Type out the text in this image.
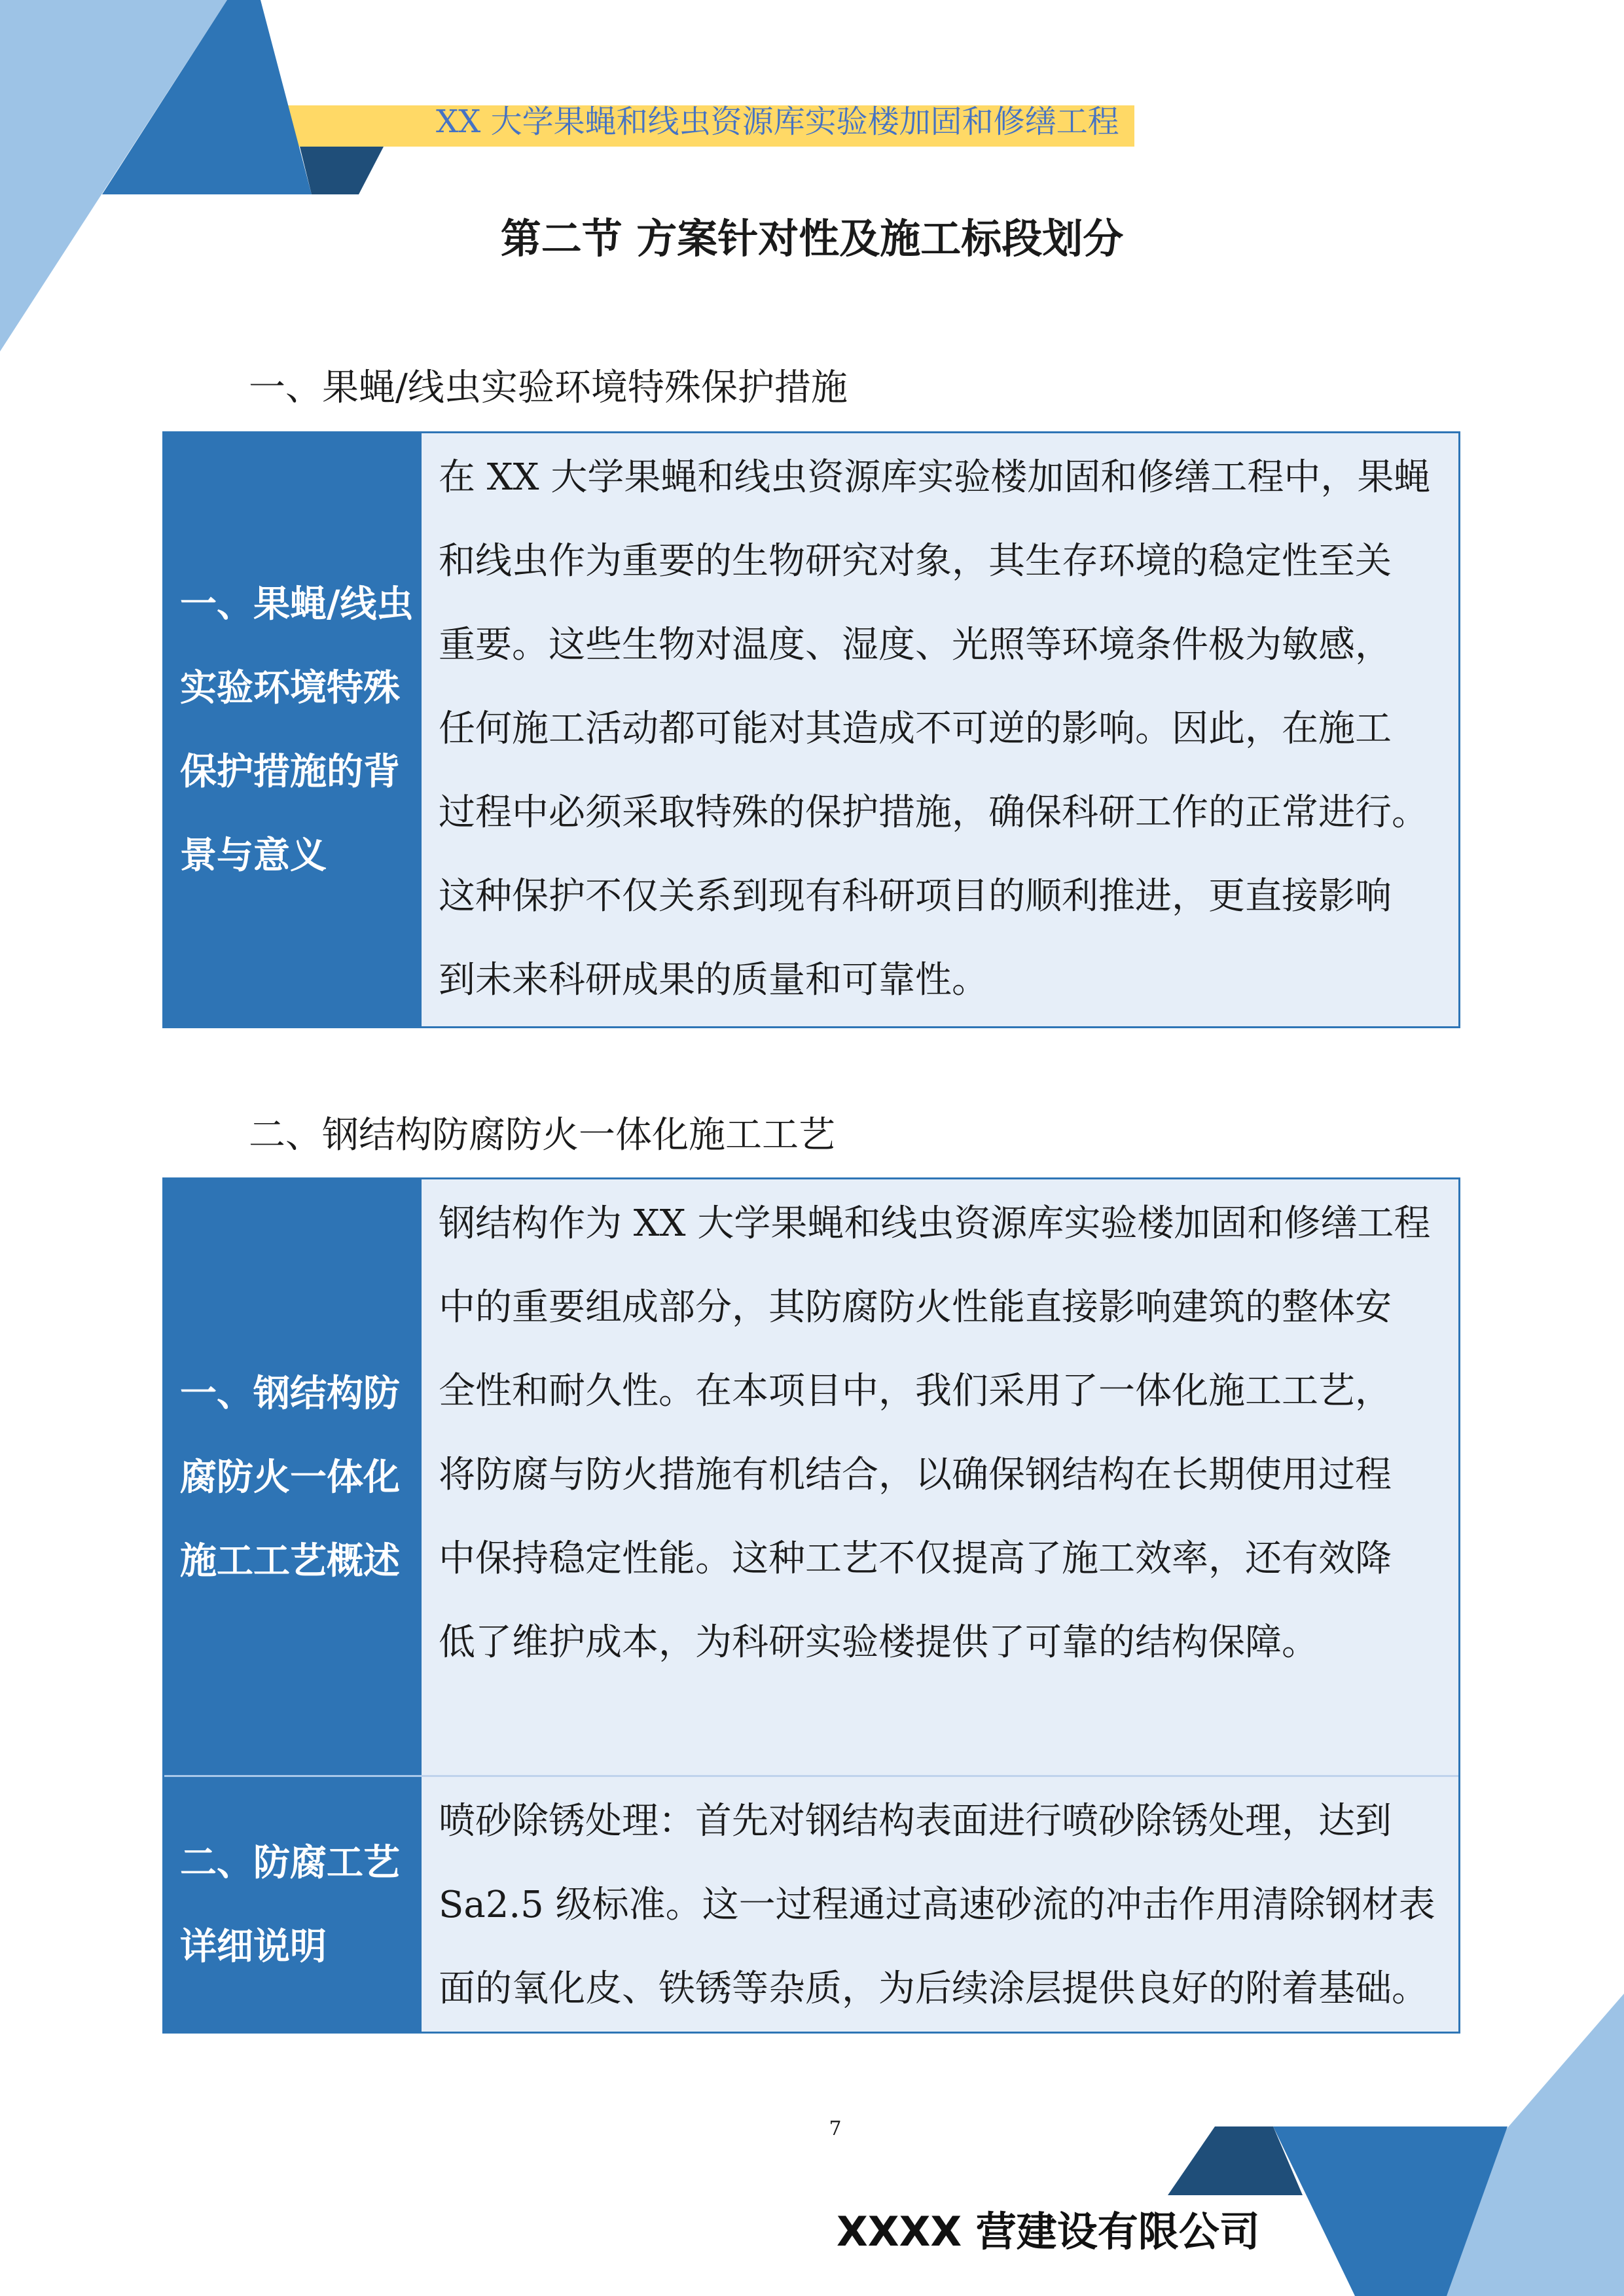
XX 大学果蝇和线虫资源库实验楼加固和修缮工程
第二节 方案针对性及施工标段划分
一、果蝇/线虫实验环境特殊保护措施
一、果蝇/线虫
实验环境特殊
保护措施的背
景与意义
在 XX 大学果蝇和线虫资源库实验楼加固和修缮工程中，果蝇
和线虫作为重要的生物研究对象，其生存环境的稳定性至关
重要。这些生物对温度、湿度、光照等环境条件极为敏感，
任何施工活动都可能对其造成不可逆的影响。因此，在施工
过程中必须采取特殊的保护措施，确保科研工作的正常进行。
这种保护不仅关系到现有科研项目的顺利推进，更直接影响
到未来科研成果的质量和可靠性。
二、钢结构防腐防火一体化施工工艺
一、钢结构防
腐防火一体化
施工工艺概述
钢结构作为 XX 大学果蝇和线虫资源库实验楼加固和修缮工程
中的重要组成部分，其防腐防火性能直接影响建筑的整体安
全性和耐久性。在本项目中，我们采用了一体化施工工艺，
将防腐与防火措施有机结合，以确保钢结构在长期使用过程
中保持稳定性能。这种工艺不仅提高了施工效率，还有效降
低了维护成本，为科研实验楼提供了可靠的结构保障。
二、防腐工艺
详细说明
喷砂除锈处理：首先对钢结构表面进行喷砂除锈处理，达到
Sa2.5 级标准。这一过程通过高速砂流的冲击作用清除钢材表
面的氧化皮、铁锈等杂质，为后续涂层提供良好的附着基础。
7
XXXX 营建设有限公司
